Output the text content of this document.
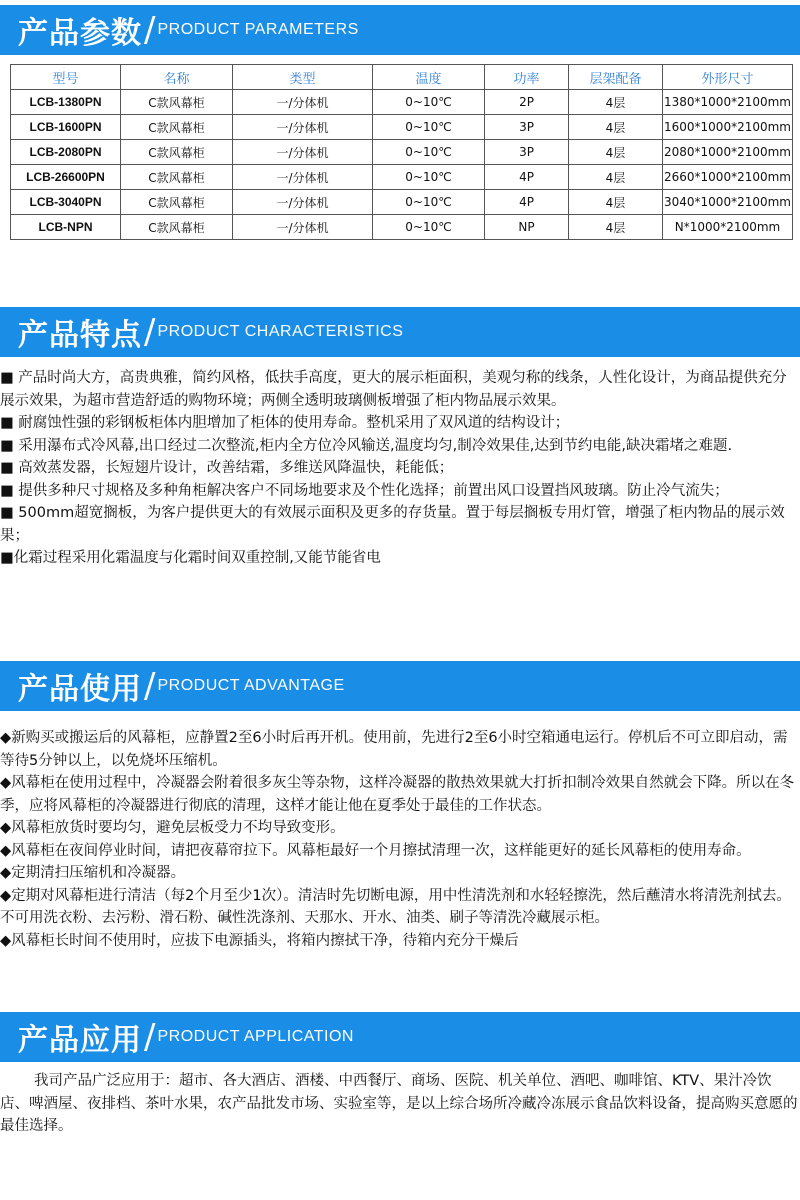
产品参数 / PRODUCT PARAMETERS
型号	名称	类型	温度	功率	层架配备	外形尺寸
LCB-1380PN	C款风幕柜	一/分体机	0~10℃	2P	4层	1380*1000*2100mm
LCB-1600PN	C款风幕柜	一/分体机	0~10℃	3P	4层	1600*1000*2100mm
LCB-2080PN	C款风幕柜	一/分体机	0~10℃	3P	4层	2080*1000*2100mm
LCB-26600PN	C款风幕柜	一/分体机	0~10℃	4P	4层	2660*1000*2100mm
LCB-3040PN	C款风幕柜	一/分体机	0~10℃	4P	4层	3040*1000*2100mm
LCB-NPN	C款风幕柜	一/分体机	0~10℃	NP	4层	N*1000*2100mm
产品特点 / PRODUCT CHARACTERISTICS

■ 产品时尚大方，高贵典雅，简约风格，低扶手高度，更大的展示柜面积，美观匀称的线条，人性化设计，为商品提供充分展示效果，为超市营造舒适的购物环境；两侧全透明玻璃侧板增强了柜内物品展示效果。

■ 耐腐蚀性强的彩钢板柜体内胆增加了柜体的使用寿命。整机采用了双风道的结构设计；

■ 采用瀑布式冷风幕,出口经过二次整流,柜内全方位冷风输送,温度均匀,制冷效果佳,达到节约电能,缺决霜堵之难题.

■ 高效蒸发器，长短翅片设计，改善结霜，多维送风降温快，耗能低；

■ 提供多种尺寸规格及多种角柜解决客户不同场地要求及个性化选择；前置出风口设置挡风玻璃。防止冷气流失；

■ 500mm超宽搁板，为客户提供更大的有效展示面积及更多的存货量。置于每层搁板专用灯管，增强了柜内物品的展示效果；

■化霜过程采用化霜温度与化霜时间双重控制,又能节能省电

产品使用 / PRODUCT ADVANTAGE

◆新购买或搬运后的风幕柜，应静置2至6小时后再开机。使用前，先进行2至6小时空箱通电运行。停机后不可立即启动，需等待5分钟以上，以免烧坏压缩机。

◆风幕柜在使用过程中，冷凝器会附着很多灰尘等杂物，这样冷凝器的散热效果就大打折扣制冷效果自然就会下降。所以在冬季，应将风幕柜的冷凝器进行彻底的清理，这样才能让他在夏季处于最佳的工作状态。

◆风幕柜放货时要均匀，避免层板受力不均导致变形。

◆风幕柜在夜间停业时间，请把夜幕帘拉下。风幕柜最好一个月擦拭清理一次，这样能更好的延长风幕柜的使用寿命。

◆定期清扫压缩机和冷凝器。

◆定期对风幕柜进行清洁（每2个月至少1次）。清洁时先切断电源，用中性清洗剂和水轻轻擦洗，然后蘸清水将清洗剂拭去。不可用洗衣粉、去污粉、滑石粉、碱性洗涤剂、天那水、开水、油类、刷子等清洗冷藏展示柜。

◆风幕柜长时间不使用时，应拔下电源插头，将箱内擦拭干净，待箱内充分干燥后

产品应用 / PRODUCT APPLICATION
我司产品广泛应用于：超市、各大酒店、酒楼、中西餐厅、商场、医院、机关单位、酒吧、咖啡馆、KTV、果汁冷饮店、啤酒屋、夜排档、茶叶水果，农产品批发市场、实验室等，是以上综合场所冷藏冷冻展示食品饮料设备，提高购买意愿的最佳选择。
